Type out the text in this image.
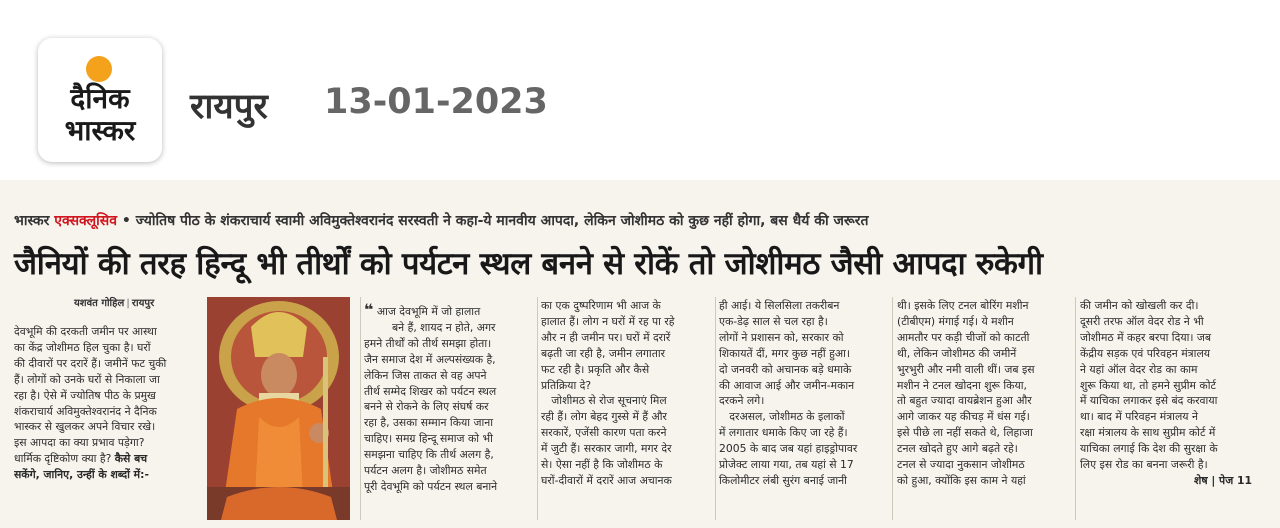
दैनिक
भास्कर
रायपुर 13-01-2023
भास्कर एक्सक्लूसिव • ज्योतिष पीठ के शंकराचार्य स्वामी अविमुक्तेश्वरानंद सरस्वती ने कहा-ये मानवीय आपदा, लेकिन जोशीमठ को कुछ नहीं होगा, बस धैर्य की जरूरत
जैनियों की तरह हिन्दू भी तीर्थों को पर्यटन स्थल बनने से रोकें तो जोशीमठ जैसी आपदा रुकेगी
यशवंत गोहिल | रायपुर
देवभूमि की दरकती जमीन पर आस्था
का केंद्र जोशीमठ हिल चुका है। घरों
की दीवारों पर दरारें हैं। जमीनें फट चुकी
हैं। लोगों को उनके घरों से निकाला जा
रहा है। ऐसे में ज्योतिष पीठ के प्रमुख
शंकराचार्य अविमुक्तेश्वरानंद ने दैनिक
भास्कर से खुलकर अपने विचार रखे।
इस आपदा का क्या प्रभाव पड़ेगा?
धार्मिक दृष्टिकोण क्या है? कैसे बच
सकेंगे, जानिए, उन्हीं के शब्दों में:-
❝ आज देवभूमि में जो हालात
बने हैं, शायद न होते, अगर
हमने तीर्थों को तीर्थ समझा होता।
जैन समाज देश में अल्पसंख्यक है,
लेकिन जिस ताकत से वह अपने
तीर्थ सम्मेद शिखर को पर्यटन स्थल
बनने से रोकने के लिए संघर्ष कर
रहा है, उसका सम्मान किया जाना
चाहिए। समग्र हिन्दू समाज को भी
समझना चाहिए कि तीर्थ अलग है,
पर्यटन अलग है। जोशीमठ समेत
पूरी देवभूमि को पर्यटन स्थल बनाने
का एक दुष्परिणाम भी आज के
हालात हैं। लोग न घरों में रह पा रहे
और न ही जमीन पर। घरों में दरारें
बढ़ती जा रही है, जमीन लगातार
फट रही है। प्रकृति और कैसे
प्रतिक्रिया दे?
जोशीमठ से रोज सूचनाएं मिल
रही हैं। लोग बेहद गुस्से में हैं और
सरकारें, एजेंसी कारण पता करने
में जुटी हैं। सरकार जागी, मगर देर
से। ऐसा नहीं है कि जोशीमठ के
घरों-दीवारों में दरारें आज अचानक
ही आई। ये सिलसिला तकरीबन
एक-डेढ़ साल से चल रहा है।
लोगों ने प्रशासन को, सरकार को
शिकायतें दीं, मगर कुछ नहीं हुआ।
दो जनवरी को अचानक बड़े धमाके
की आवाज आई और जमीन-मकान
दरकने लगे।
दरअसल, जोशीमठ के इलाकों
में लगातार धमाके किए जा रहे हैं।
2005 के बाद जब यहां हाइड्रोपावर
प्रोजेक्ट लाया गया, तब यहां से 17
किलोमीटर लंबी सुरंग बनाई जानी
थी। इसके लिए टनल बोरिंग मशीन
(टीबीएम) मंगाई गई। ये मशीन
आमतौर पर कड़ी चीजों को काटती
थी, लेकिन जोशीमठ की जमीनें
भुरभुरी और नमी वाली थीं। जब इस
मशीन ने टनल खोदना शुरू किया,
तो बहुत ज्यादा वायब्रेशन हुआ और
आगे जाकर यह कीचड़ में धंस गई।
इसे पीछे ला नहीं सकते थे, लिहाजा
टनल खोदते हुए आगे बढ़ते रहे।
टनल से ज्यादा नुकसान जोशीमठ
को हुआ, क्योंकि इस काम ने यहां
की जमीन को खोखली कर दी।
दूसरी तरफ ऑल वेदर रोड ने भी
जोशीमठ में कहर बरपा दिया। जब
केंद्रीय सड़क एवं परिवहन मंत्रालय
ने यहां ऑल वेदर रोड का काम
शुरू किया था, तो हमने सुप्रीम कोर्ट
में याचिका लगाकर इसे बंद करवाया
था। बाद में परिवहन मंत्रालय ने
रक्षा मंत्रालय के साथ सुप्रीम कोर्ट में
याचिका लगाई कि देश की सुरक्षा के
लिए इस रोड का बनना जरूरी है।
शेष | पेज 11
